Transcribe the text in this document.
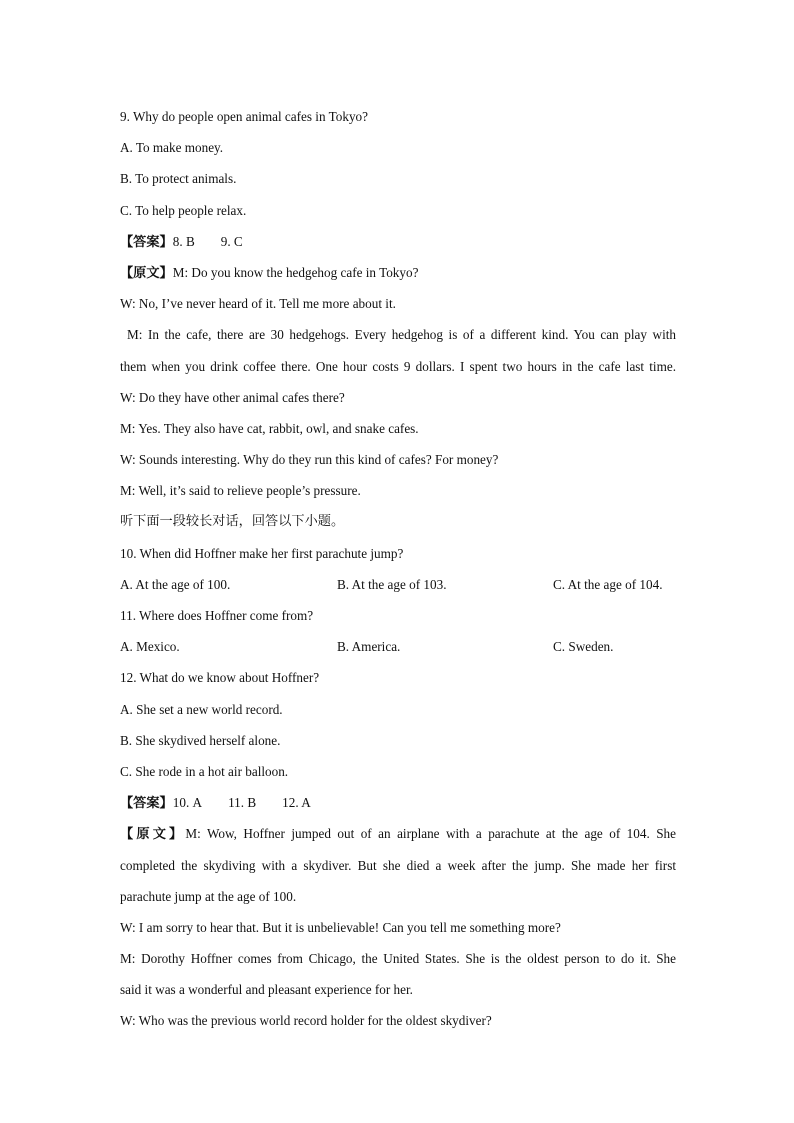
9. Why do people open animal cafes in Tokyo?
A. To make money.
B. To protect animals.
C. To help people relax.
【答案】8. B 9. C
【原文】M: Do you know the hedgehog cafe in Tokyo?
W: No, I’ve never heard of it. Tell me more about it.
M: In the cafe, there are 30 hedgehogs. Every hedgehog is of a different kind. You can play with
them when you drink coffee there. One hour costs 9 dollars. I spent two hours in the cafe last time.
W: Do they have other animal cafes there?
M: Yes. They also have cat, rabbit, owl, and snake cafes.
W: Sounds interesting. Why do they run this kind of cafes? For money?
M: Well, it’s said to relieve people’s pressure.
听下面一段较长对话，回答以下小题。
10. When did Hoffner make her first parachute jump?
A. At the age of 100.	B. At the age of 103.	C. At the age of 104.
11. Where does Hoffner come from?
A. Mexico.	B. America.	C. Sweden.
12. What do we know about Hoffner?
A. She set a new world record.
B. She skydived herself alone.
C. She rode in a hot air balloon.
【答案】10. A 11. B 12. A
【原文】M: Wow, Hoffner jumped out of an airplane with a parachute at the age of 104. She
completed the skydiving with a skydiver. But she died a week after the jump. She made her first
parachute jump at the age of 100.
W: I am sorry to hear that. But it is unbelievable! Can you tell me something more?
M: Dorothy Hoffner comes from Chicago, the United States. She is the oldest person to do it. She
said it was a wonderful and pleasant experience for her.
W: Who was the previous world record holder for the oldest skydiver?
